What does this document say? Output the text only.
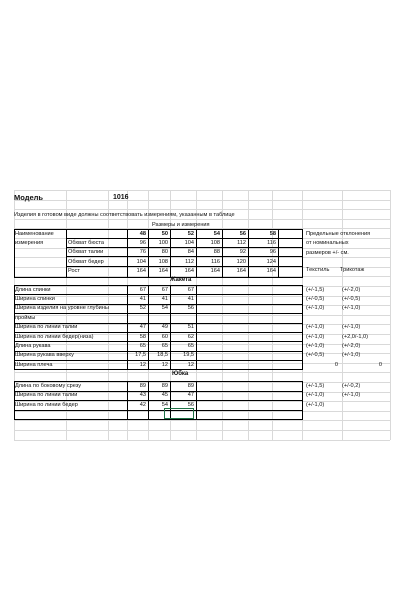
Модель	1016
Изделия в готовом виде должны соответствовать измерениям, указанным в таблице
Размеры и измерения
Наименование
измерения
Предельные отклонения
от номинальных
размеров +/- см.
Текстиль Трикотаж
48	50	52	54	56	58
Обхват бюста	96	100	104	108	112	116
Обхват талии	76	80	84	88	92	96
Обхват бедер	104	108	112	116	120	124
Рост	164	164	164	164	164	164
Жакета
Длина спинки	67	67	67	(+/-1,5)	(+/-2,0)
Ширина спинки	41	41	41	(+/-0,5)	(+/-0,5)
Ширина изделия на уровне глубины	52	54	56	(+/-1,0)	(+/-1,0)
проймы
Ширина по линии талии	47	49	51	(+/-1,0)	(+/-1,0)
Ширина по линии бедер(низа)	58	60	62	(+/-1,0)	(+2,0/-1,0)
Длина рукава	65	65	65	(+/-1,0)	(+/-2,0)
Ширина рукава вверху	17,5	18,5	19,5	(+/-0,5)	(+/-1,0)
Ширина плеча	12	12	12	0	0
Юбка
Длина по боковому срезу	89	89	89	(+/-1,5)	(+/-0,2)
Ширина по линии талии	43	45	47	(+/-1,0)	(+/-1,0)
Ширина по линии бедер	42	54	56	(+/-1,0)
